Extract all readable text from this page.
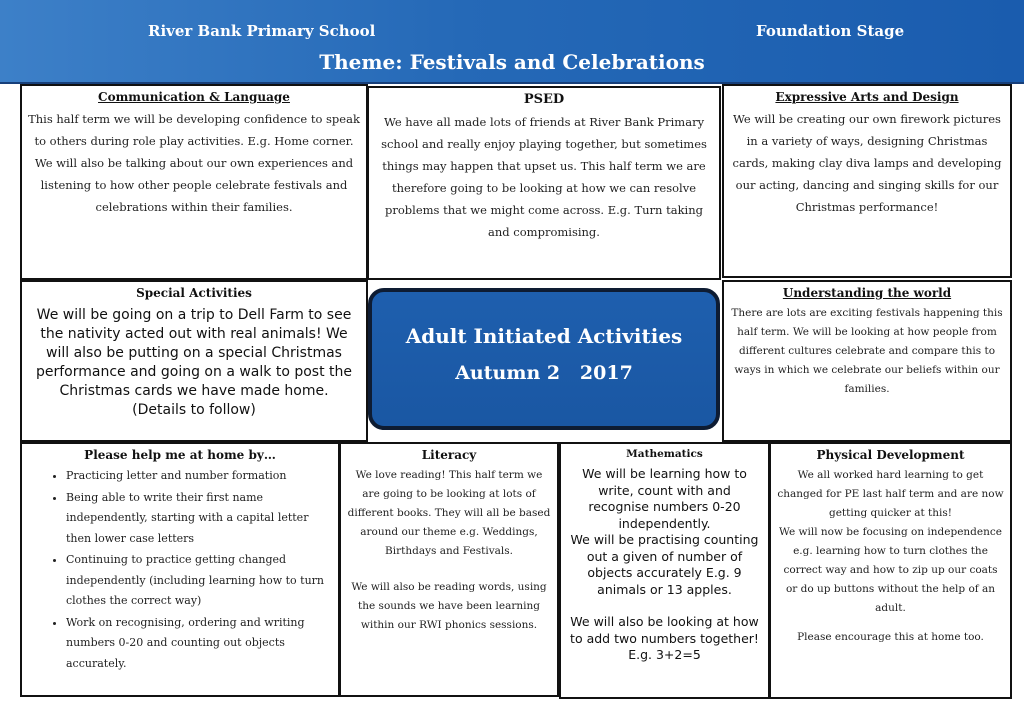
River Bank Primary School	Foundation Stage
Theme: Festivals and Celebrations
Communication & Language

This half term we will be developing confidence to speak to others during role play activities. E.g. Home corner.

We will also be talking about our own experiences and listening to how other people celebrate festivals and celebrations within their families.

PSED

We have all made lots of friends at River Bank Primary school and really enjoy playing together, but sometimes things may happen that upset us. This half term we are therefore going to be looking at how we can resolve problems that we might come across. E.g. Turn taking and compromising.

Expressive Arts and Design

We will be creating our own firework pictures in a variety of ways, designing Christmas cards, making clay diva lamps and developing our acting, dancing and singing skills for our Christmas performance!

Special Activities
We will be going on a trip to Dell Farm to see the nativity acted out with real animals! We will also be putting on a special Christmas performance and going on a walk to post the Christmas cards we have made home.
(Details to follow)
Adult Initiated Activities
Autumn 2   2017
Understanding the world

There are lots are exciting festivals happening this half term. We will be looking at how people from different cultures celebrate and compare this to ways in which we celebrate our beliefs within our families.

Please help me at home by…
• Practicing letter and number formation
• Being able to write their first name independently, starting with a capital letter then lower case letters
• Continuing to practice getting changed independently (including learning how to turn clothes the correct way)
• Work on recognising, ordering and writing numbers 0-20 and counting out objects accurately.
Literacy

We love reading! This half term we are going to be looking at lots of different books. They will all be based around our theme e.g. Weddings, Birthdays and Festivals.

We will also be reading words, using the sounds we have been learning within our RWI phonics sessions.

Mathematics
We will be learning how to write, count with and recognise numbers 0-20 independently.
We will be practising counting out a given of number of objects accurately E.g. 9 animals or 13 apples.
We will also be looking at how to add two numbers together!
E.g. 3+2=5
Physical Development

We all worked hard learning to get changed for PE last half term and are now getting quicker at this!

We will now be focusing on independence e.g. learning how to turn clothes the correct way and how to zip up our coats or do up buttons without the help of an adult.

Please encourage this at home too.
